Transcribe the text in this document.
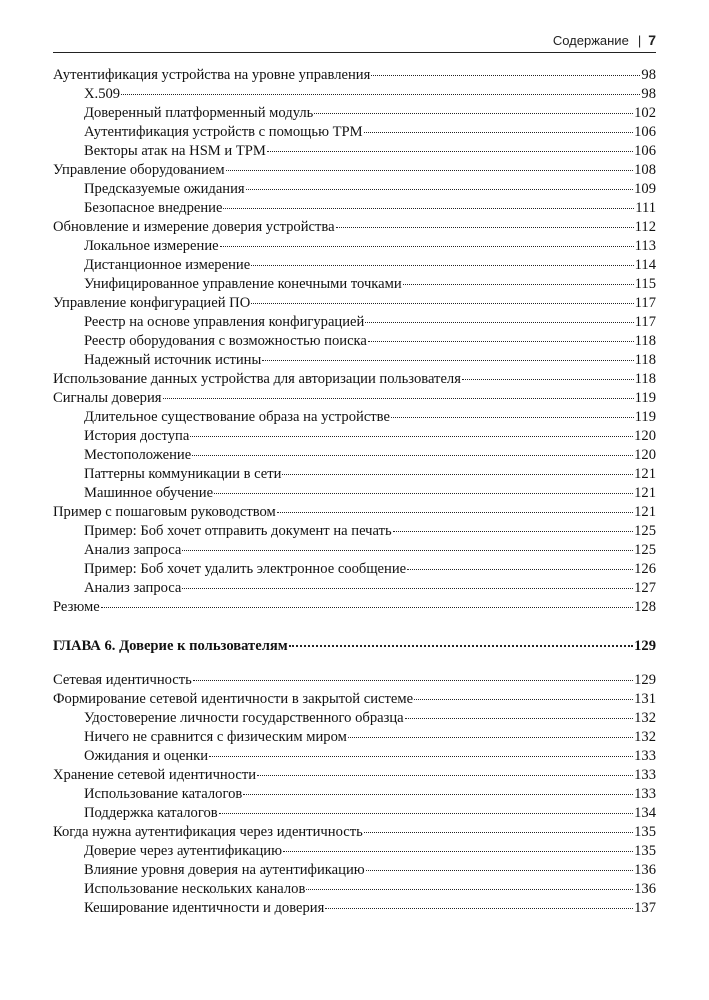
Содержание | 7
Аутентификация устройства на уровне управления	98
X.509	98
Доверенный платформенный модуль	102
Аутентификация устройств с помощью TPM	106
Векторы атак на HSM и TPM	106
Управление оборудованием	108
Предсказуемые ожидания	109
Безопасное внедрение	111
Обновление и измерение доверия устройства	112
Локальное измерение	113
Дистанционное измерение	114
Унифицированное управление конечными точками	115
Управление конфигурацией ПО	117
Реестр на основе управления конфигурацией	117
Реестр оборудования с возможностью поиска	118
Надежный источник истины	118
Использование данных устройства для авторизации пользователя	118
Сигналы доверия	119
Длительное существование образа на устройстве	119
История доступа	120
Местоположение	120
Паттерны коммуникации в сети	121
Машинное обучение	121
Пример с пошаговым руководством	121
Пример: Боб хочет отправить документ на печать	125
Анализ запроса	125
Пример: Боб хочет удалить электронное сообщение	126
Анализ запроса	127
Резюме	128
ГЛАВА 6. Доверие к пользователям	129
Сетевая идентичность	129
Формирование сетевой идентичности в закрытой системе	131
Удостоверение личности государственного образца	132
Ничего не сравнится с физическим миром	132
Ожидания и оценки	133
Хранение сетевой идентичности	133
Использование каталогов	133
Поддержка каталогов	134
Когда нужна аутентификация через идентичность	135
Доверие через аутентификацию	135
Влияние уровня доверия на аутентификацию	136
Использование нескольких каналов	136
Кеширование идентичности и доверия	137
